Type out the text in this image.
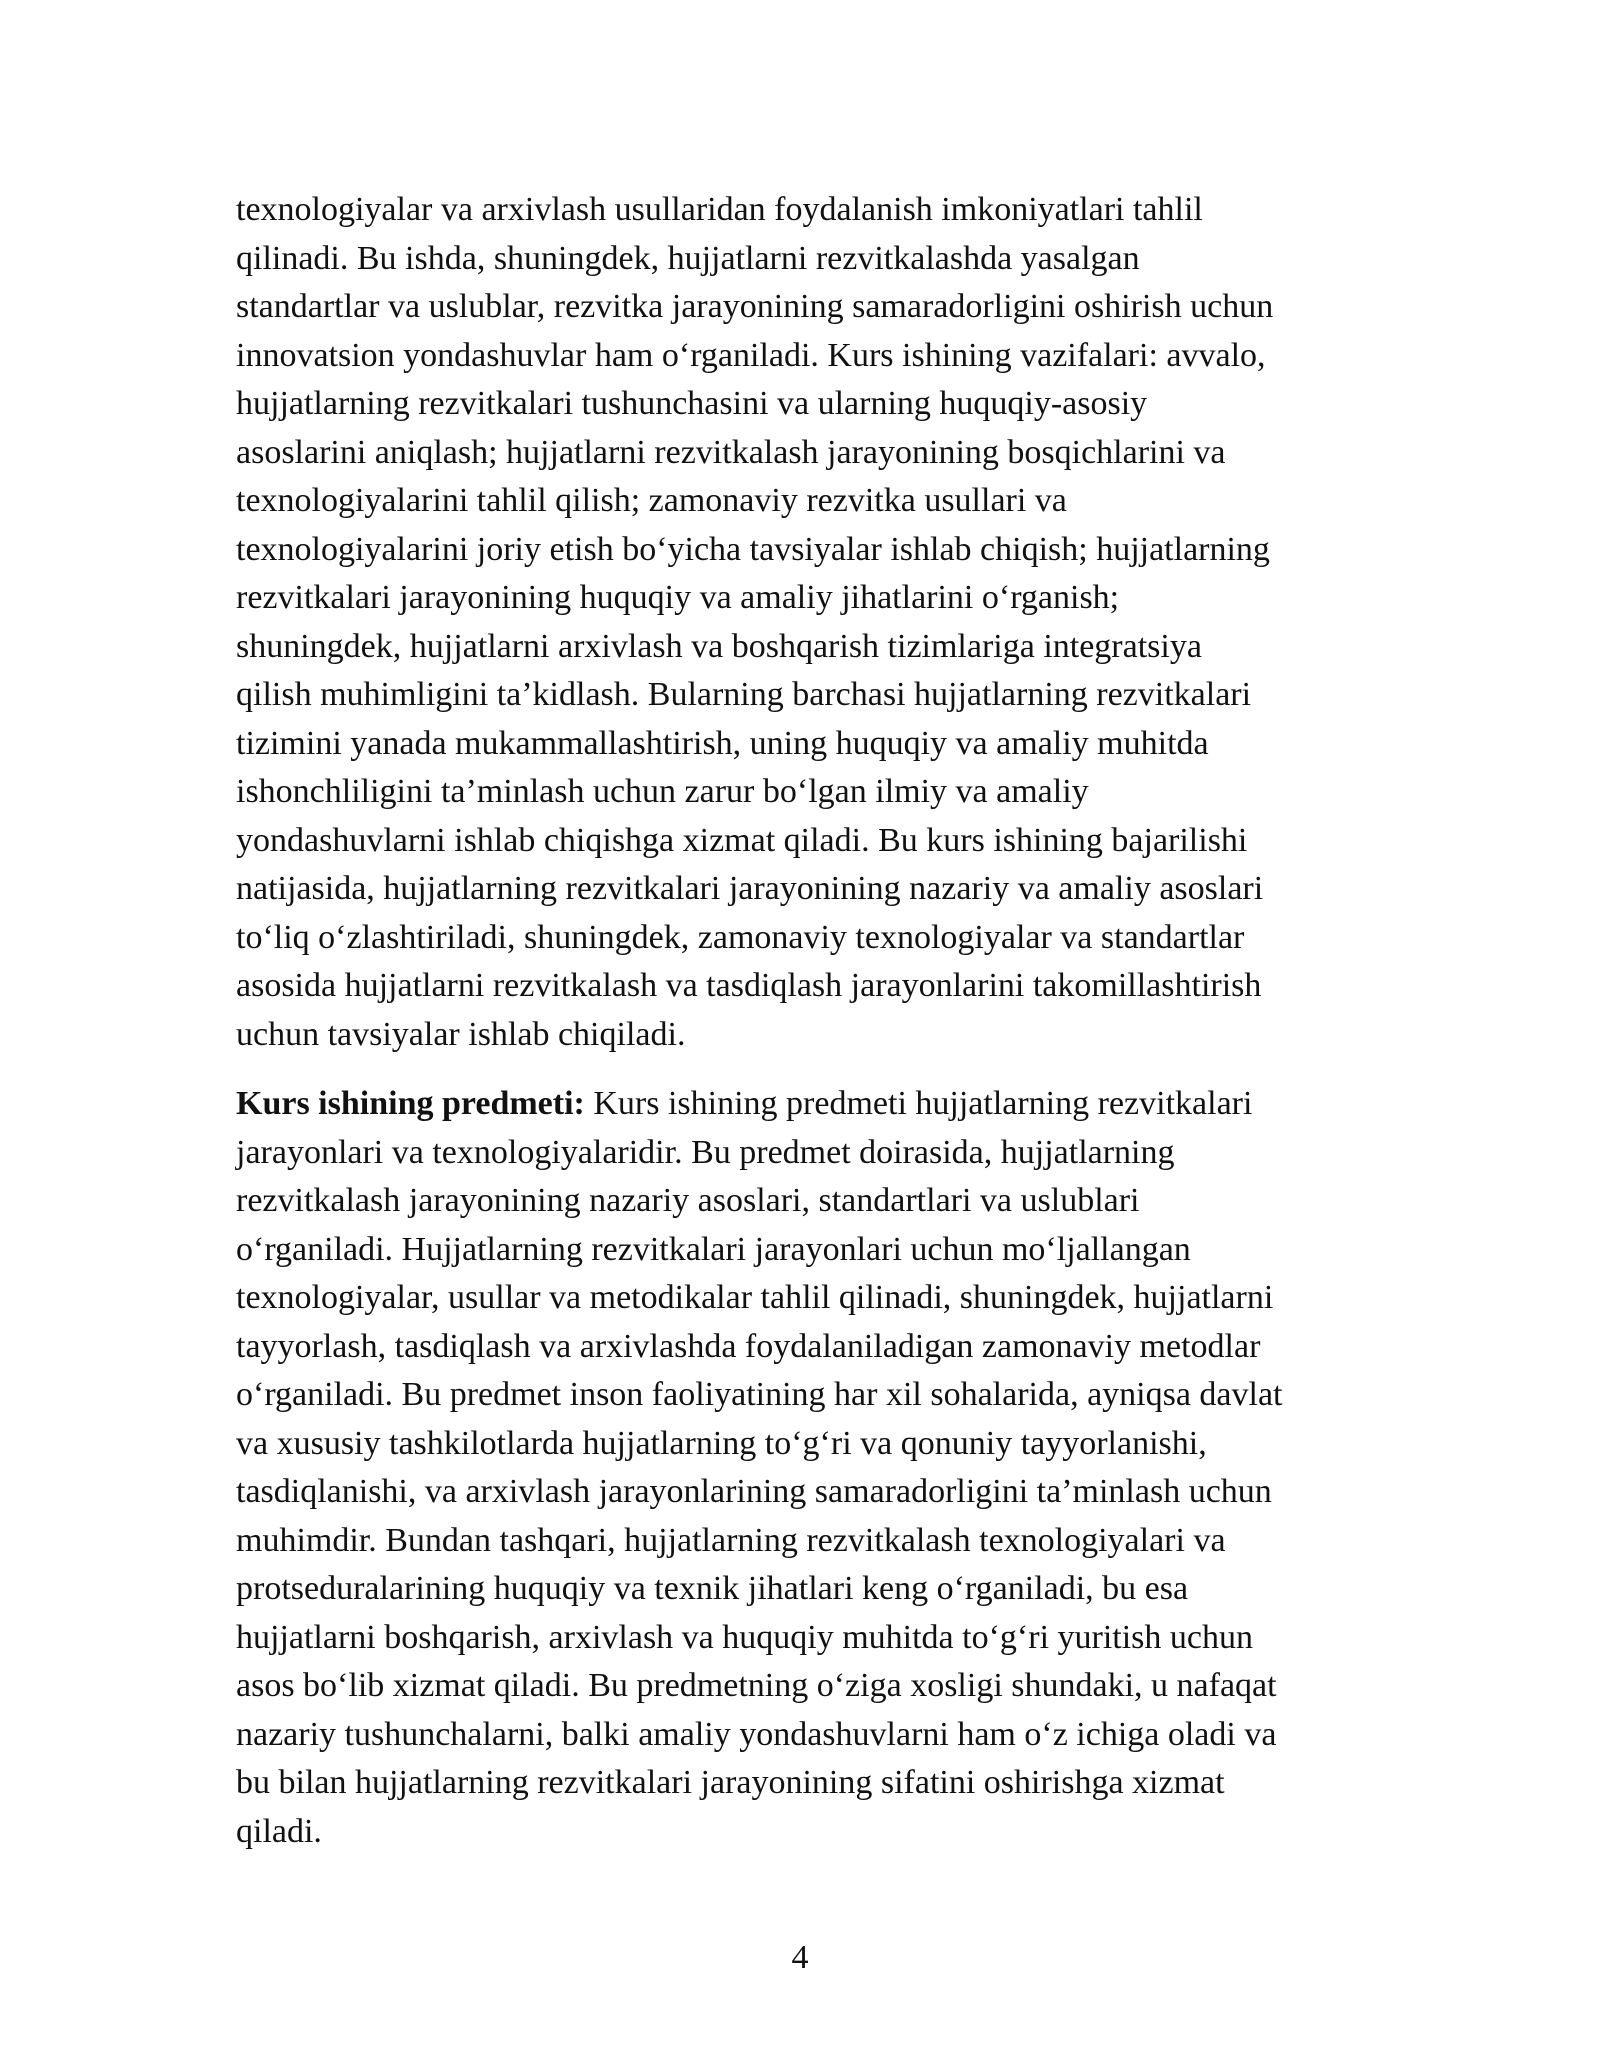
texnologiyalar va arxivlash usullaridan foydalanish imkoniyatlari tahlil
qilinadi. Bu ishda, shuningdek, hujjatlarni rezvitkalashda yasalgan
standartlar va uslublar, rezvitka jarayonining samaradorligini oshirish uchun
innovatsion yondashuvlar ham oʻrganiladi. Kurs ishining vazifalari: avvalo,
hujjatlarning rezvitkalari tushunchasini va ularning huquqiy-asosiy
asoslarini aniqlash; hujjatlarni rezvitkalash jarayonining bosqichlarini va
texnologiyalarini tahlil qilish; zamonaviy rezvitka usullari va
texnologiyalarini joriy etish boʻyicha tavsiyalar ishlab chiqish; hujjatlarning
rezvitkalari jarayonining huquqiy va amaliy jihatlarini oʻrganish;
shuningdek, hujjatlarni arxivlash va boshqarish tizimlariga integratsiya
qilish muhimligini ta’kidlash. Bularning barchasi hujjatlarning rezvitkalari
tizimini yanada mukammallashtirish, uning huquqiy va amaliy muhitda
ishonchliligini ta’minlash uchun zarur boʻlgan ilmiy va amaliy
yondashuvlarni ishlab chiqishga xizmat qiladi. Bu kurs ishining bajarilishi
natijasida, hujjatlarning rezvitkalari jarayonining nazariy va amaliy asoslari
toʻliq oʻzlashtiriladi, shuningdek, zamonaviy texnologiyalar va standartlar
asosida hujjatlarni rezvitkalash va tasdiqlash jarayonlarini takomillashtirish
uchun tavsiyalar ishlab chiqiladi.
Kurs ishining predmeti: Kurs ishining predmeti hujjatlarning rezvitkalari
jarayonlari va texnologiyalaridir. Bu predmet doirasida, hujjatlarning
rezvitkalash jarayonining nazariy asoslari, standartlari va uslublari
oʻrganiladi. Hujjatlarning rezvitkalari jarayonlari uchun moʻljallangan
texnologiyalar, usullar va metodikalar tahlil qilinadi, shuningdek, hujjatlarni
tayyorlash, tasdiqlash va arxivlashda foydalaniladigan zamonaviy metodlar
oʻrganiladi. Bu predmet inson faoliyatining har xil sohalarida, ayniqsa davlat
va xususiy tashkilotlarda hujjatlarning toʻgʻri va qonuniy tayyorlanishi,
tasdiqlanishi, va arxivlash jarayonlarining samaradorligini ta’minlash uchun
muhimdir. Bundan tashqari, hujjatlarning rezvitkalash texnologiyalari va
protseduralarining huquqiy va texnik jihatlari keng oʻrganiladi, bu esa
hujjatlarni boshqarish, arxivlash va huquqiy muhitda toʻgʻri yuritish uchun
asos boʻlib xizmat qiladi. Bu predmetning oʻziga xosligi shundaki, u nafaqat
nazariy tushunchalarni, balki amaliy yondashuvlarni ham oʻz ichiga oladi va
bu bilan hujjatlarning rezvitkalari jarayonining sifatini oshirishga xizmat
qiladi.
4
